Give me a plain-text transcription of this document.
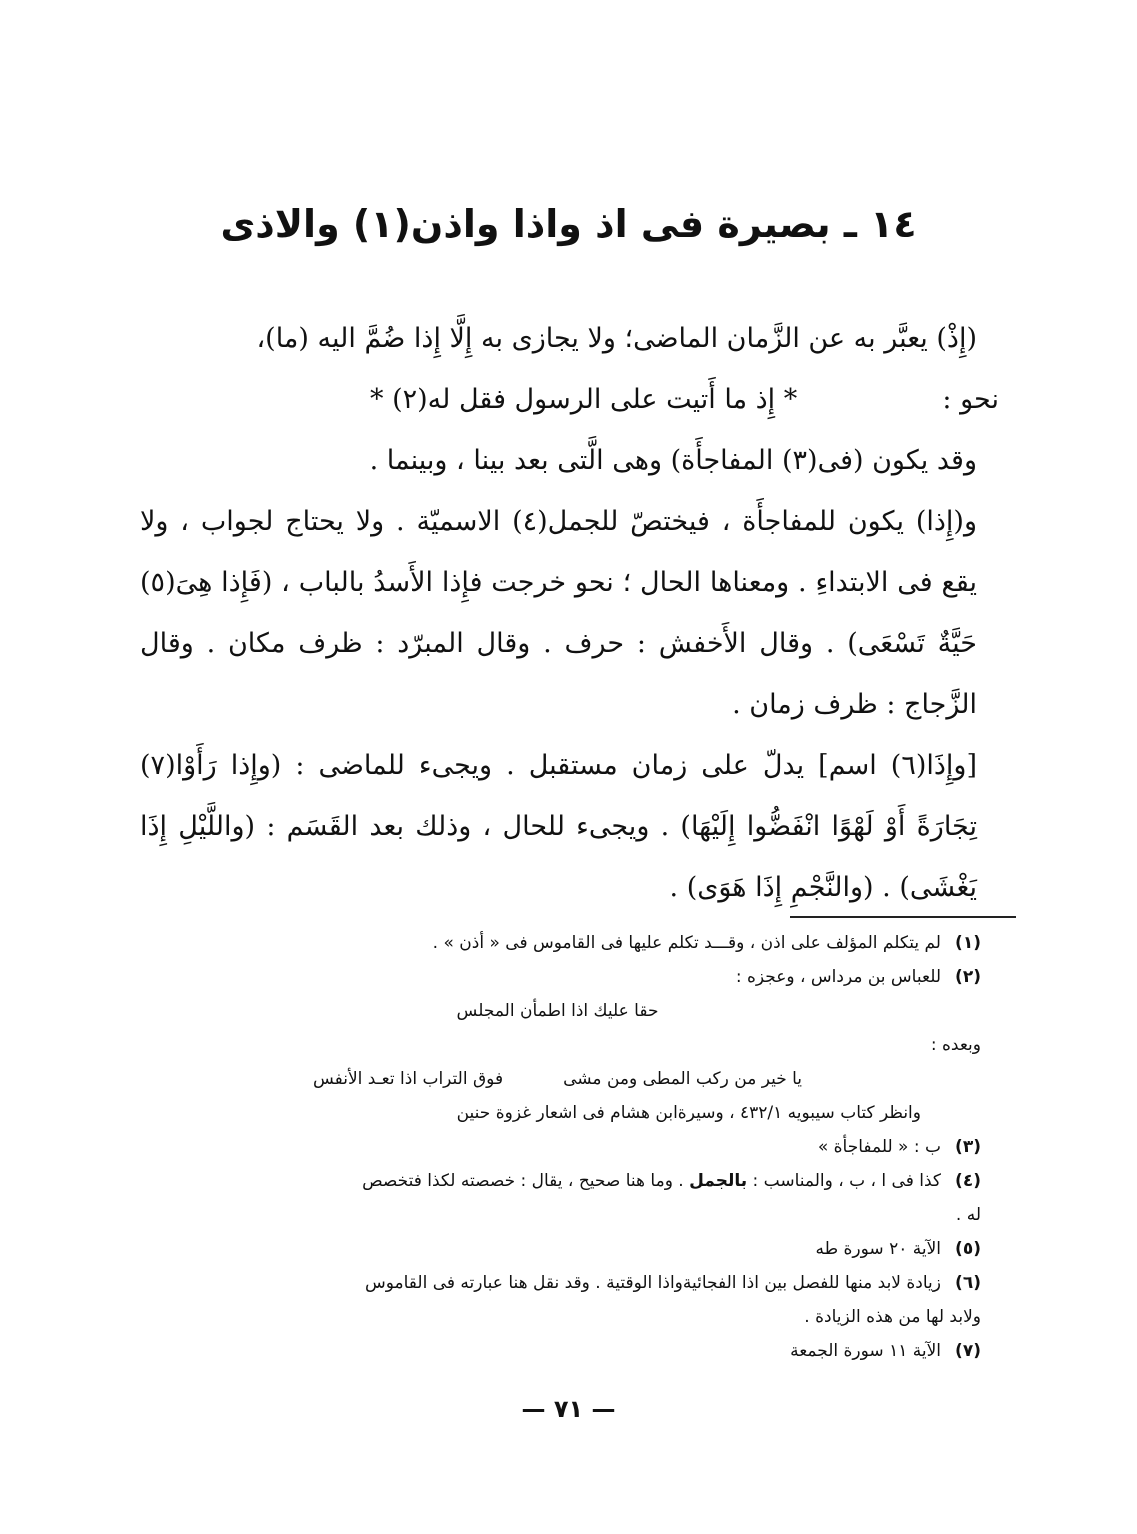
١٤ ـ بصيرة فى اذ واذا واذن(١) والاذى

(إِذْ) يعبَّر به عن الزَّمان الماضى؛ ولا يجازى به إِلَّا إِذا ضُمَّ اليه (ما)،

نحو :
* إِذ ما أَتيت على الرسول فقل له(٢) *

وقد يكون (فى(٣) المفاجأَة) وهى الَّتى بعد بينا ، وبينما .

و(إِذا) يكون للمفاجأَة ، فيختصّ للجمل(٤) الاسميّة . ولا يحتاج لجواب ، ولا يقع فى الابتداءِ . ومعناها الحال ؛ نحو خرجت فإِذا الأَسدُ بالباب ، (فَإِذا هِىَ(٥) حَيَّةٌ تَسْعَى) . وقال الأَخفش : حرف . وقال المبرّد : ظرف مكان . وقال الزَّجاج : ظرف زمان .

[وإِذَا(٦) اسم] يدلّ على زمان مستقبل . ويجىء للماضى : (وإِذا رَأَوْا(٧) تِجَارَةً أَوْ لَهْوًا انْفَضُّوا إِلَيْهَا) . ويجىء للحال ، وذلك بعد القَسَم : (واللَّيْلِ إِذَا يَغْشَى) . (والنَّجْمِ إِذَا هَوَى) .

(١)
لم يتكلم المؤلف على اذن ، وقـــد تكلم عليها فى القاموس فى « أذن » .
(٢)
للعباس بن مرداس ، وعجزه :
حقا عليك اذا اطمأن المجلس
وبعده :
يا خير من ركب المطى ومن مشى
فوق التراب اذا تعـد الأنفس
وانظر كتاب سيبويه ٤٣٢/١ ، وسيرةابن هشام فى اشعار غزوة حنين
(٣)
ب : « للمفاجأة »
(٤)
كذا فى ا ، ب ، والمناسب : بالجمل . وما هنا صحيح ، يقال : خصصته لكذا فتخصص
له .
(٥)
الآية ٢٠ سورة طه
(٦)
زيادة لابد منها للفصل بين اذا الفجائيةواذا الوقتية . وقد نقل هنا عبارته فى القاموس
ولابد لها من هذه الزيادة .
(٧)
الآية ١١ سورة الجمعة
— ٧١ —
